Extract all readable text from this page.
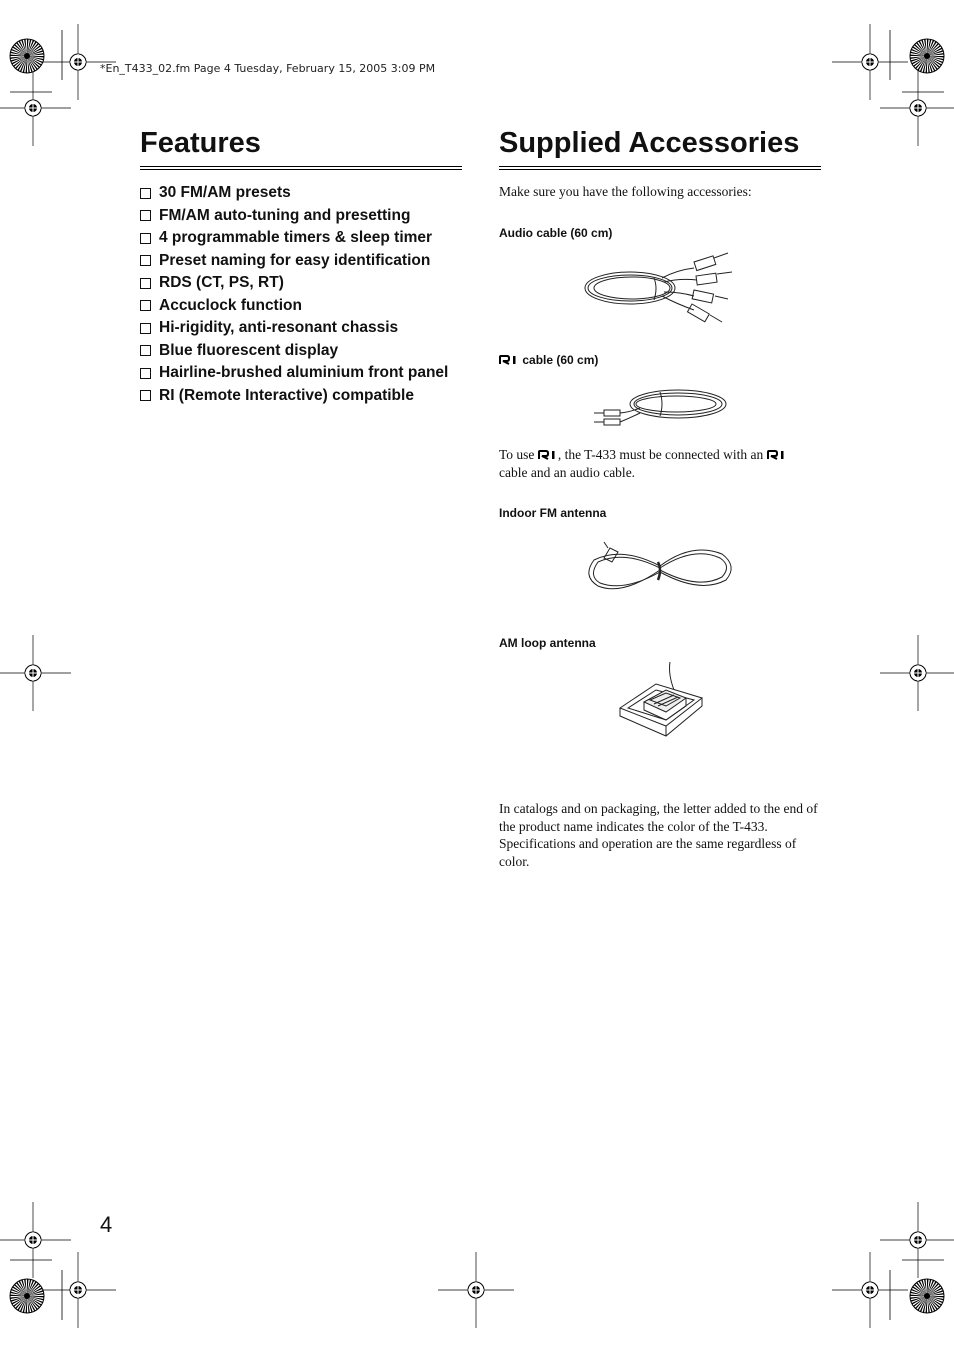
*En_T433_02.fm Page 4 Tuesday, February 15, 2005 3:09 PM
Features
30 FM/AM presets
FM/AM auto-tuning and presetting
4 programmable timers & sleep timer
Preset naming for easy identification
RDS (CT, PS, RT)
Accuclock function
Hi-rigidity, anti-resonant chassis
Blue fluorescent display
Hairline-brushed aluminium front panel
RI (Remote Interactive) compatible
Supplied Accessories
Make sure you have the following accessories:
Audio cable (60 cm)
cable (60 cm)
To use , the T-433 must be connected with an
cable and an audio cable.
Indoor FM antenna
AM loop antenna
In catalogs and on packaging, the letter added to the end of the product name indicates the color of the T-433. Specifications and operation are the same regardless of color.
4
